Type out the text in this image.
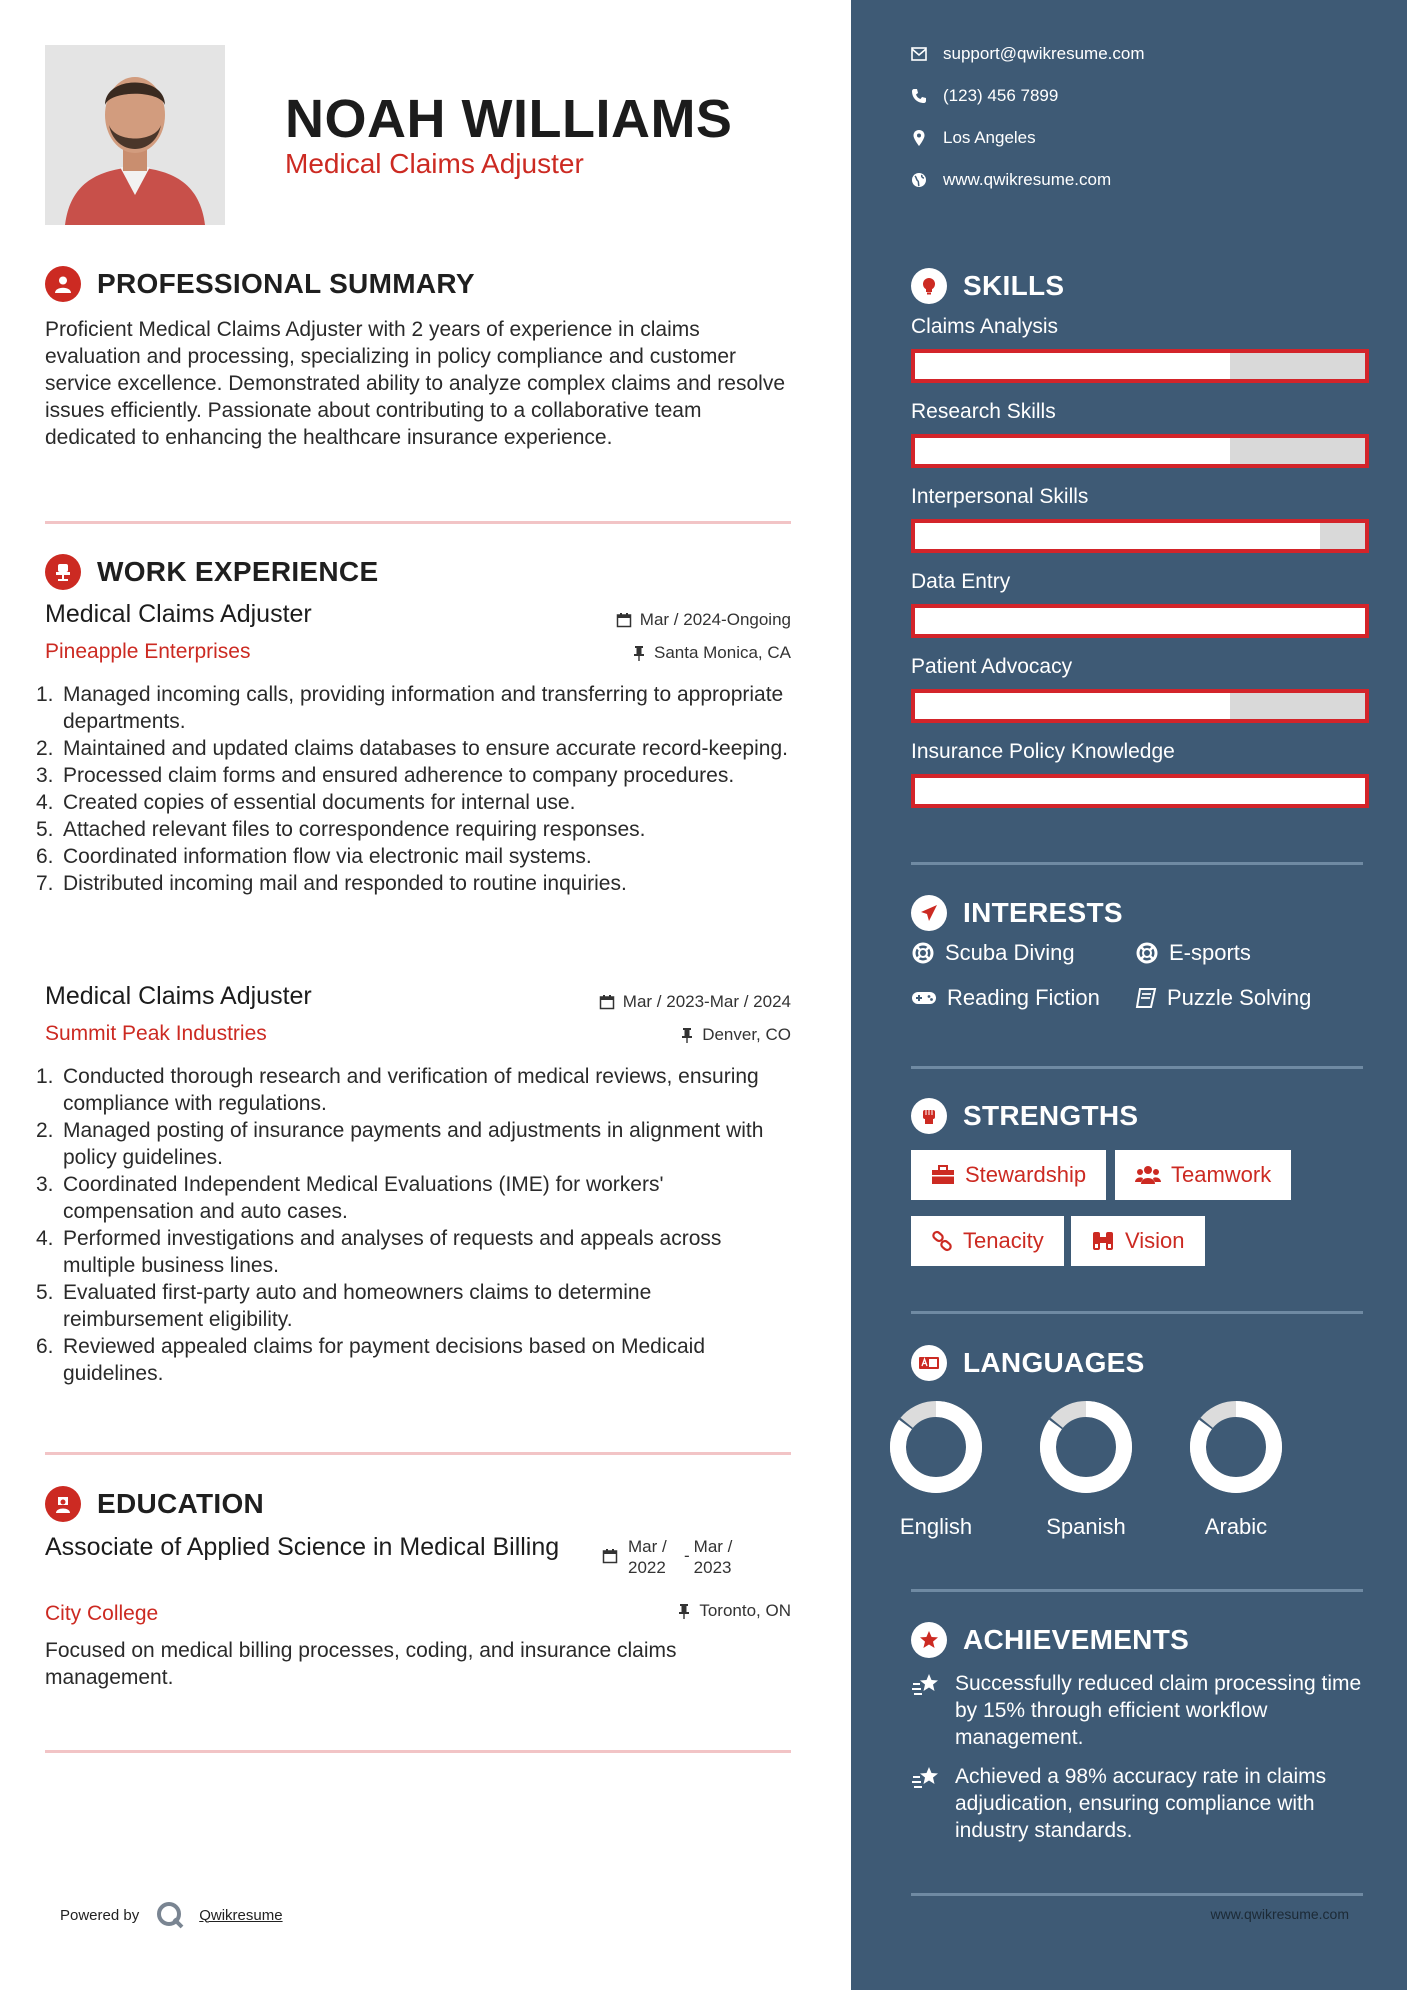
NOAH WILLIAMS
Medical Claims Adjuster
PROFESSIONAL SUMMARY
Proficient Medical Claims Adjuster with 2 years of experience in claims evaluation and processing, specializing in policy compliance and customer service excellence. Demonstrated ability to analyze complex claims and resolve issues efficiently. Passionate about contributing to a collaborative team dedicated to enhancing the healthcare insurance experience.
WORK EXPERIENCE
Medical Claims Adjuster	Mar / 2024-Ongoing
Pineapple Enterprises	Santa Monica, CA
1. Managed incoming calls, providing information and transferring to appropriate departments.
2. Maintained and updated claims databases to ensure accurate record-keeping.
3. Processed claim forms and ensured adherence to company procedures.
4. Created copies of essential documents for internal use.
5. Attached relevant files to correspondence requiring responses.
6. Coordinated information flow via electronic mail systems.
7. Distributed incoming mail and responded to routine inquiries.
Medical Claims Adjuster	Mar / 2023-Mar / 2024
Summit Peak Industries	Denver, CO
1. Conducted thorough research and verification of medical reviews, ensuring compliance with regulations.
2. Managed posting of insurance payments and adjustments in alignment with policy guidelines.
3. Coordinated Independent Medical Evaluations (IME) for workers' compensation and auto cases.
4. Performed investigations and analyses of requests and appeals across multiple business lines.
5. Evaluated first-party auto and homeowners claims to determine reimbursement eligibility.
6. Reviewed appealed claims for payment decisions based on Medicaid guidelines.
EDUCATION
Associate of Applied Science in Medical Billing	Mar / 2022
- Mar / 2023
City College	Toronto, ON
Focused on medical billing processes, coding, and insurance claims management.
Powered by	Qwikresume
support@qwikresume.com
(123) 456 7899
Los Angeles
www.qwikresume.com
SKILLS
Claims Analysis
Research Skills
Interpersonal Skills
Data Entry
Patient Advocacy
Insurance Policy Knowledge
INTERESTS
Scuba Diving	E-sports
Reading Fiction	Puzzle Solving
STRENGTHS
Stewardship	Teamwork
Tenacity	Vision
LANGUAGES
English	Spanish	Arabic
ACHIEVEMENTS
Successfully reduced claim processing time by 15% through efficient workflow management.
Achieved a 98% accuracy rate in claims adjudication, ensuring compliance with industry standards.
www.qwikresume.com
